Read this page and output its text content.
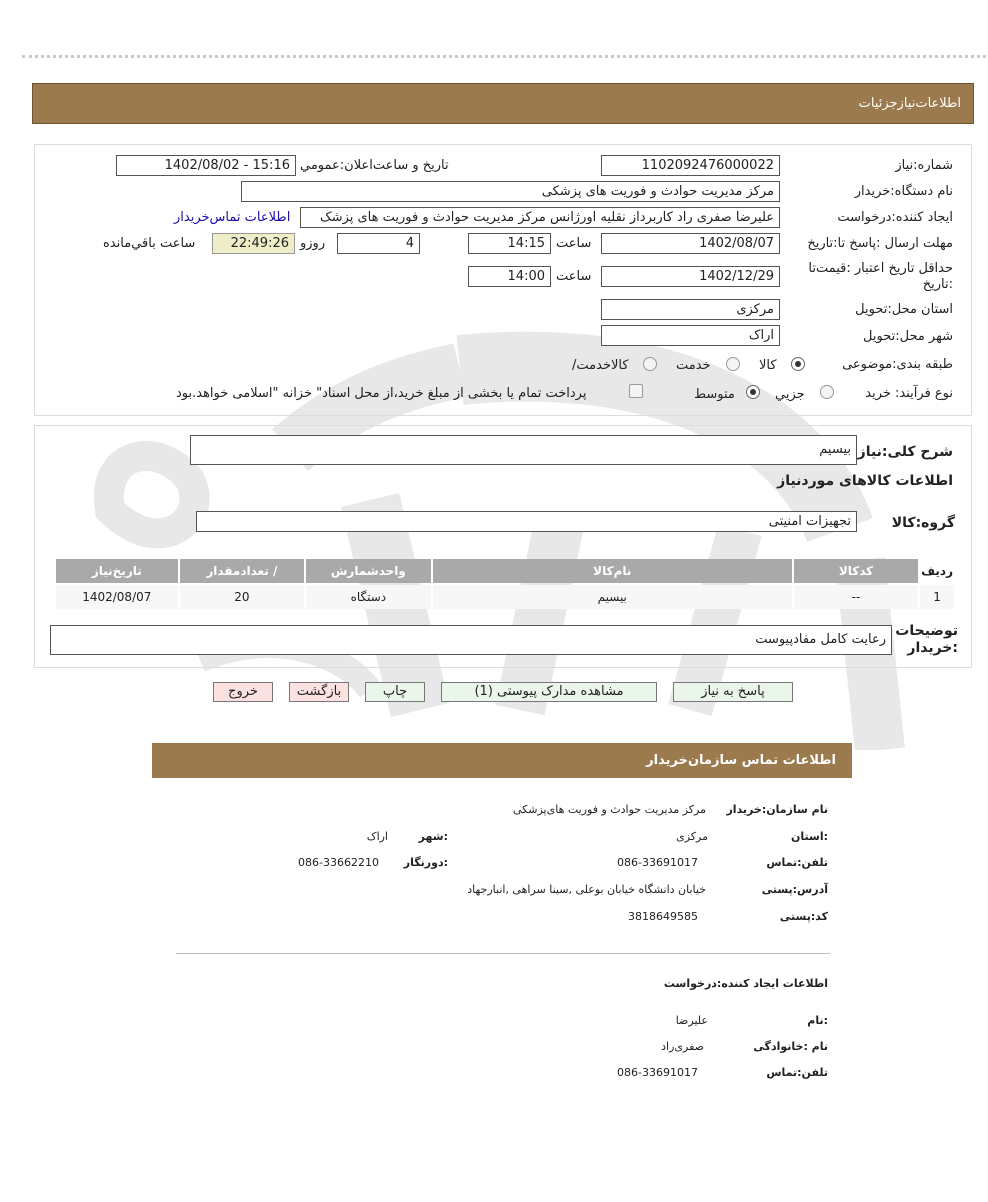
جزئیات اطلاعات‌نیاز
شماره:نیاز
1102092476000022
تاریخ و ساعت‌اعلان:عمومي
1402/08/02 - 15:16
نام دستگاه:خریدار
مرکز مدیریت حوادث و فوریت های پزشکی
ایجاد کننده:درخواست
علیرضا صفری راد کاربرداز نقلیه اورژانس مرکز مدیریت حوادث و فوریت های پزشک
اطلاعات تماس‌خریدار
مهلت ارسال :پاسخ تا:تاریخ
1402/08/07
ساعت
14:15
4
روزو
22:49:26
ساعت باقي‌مانده
حداقل تاریخ اعتبار :قیمت‌تا :تاریخ
1402/12/29
ساعت
14:00
استان محل:تحویل
مرکزی
شهر محل:تحویل
اراک
طبقه بندی:موضوعی
کالا
خدمت
/کالاخدمت
نوع فرآیند: خرید
جزيي
متوسط
پرداخت تمام یا بخشی از مبلغ خرید،از محل اسناد" خزانه "اسلامی خواهد.بود
شرح کلی:نیاز
بیسیم
اطلاعات کالاهای موردنیاز
گروه:کالا
تجهیزات امنیتی
ردیف	کدکالا	نام‌کالا	واحدشمارش	/ تعدادمقدار	تاریخ‌نیاز
1	--	بیسیم	دستگاه	20	1402/08/07
توضیحات :خریدار
رعایت کامل مفادپیوست
پاسخ به نیاز
مشاهده مدارک پیوستی (1)
چاپ
بازگشت
خروج
اطلاعات تماس سازمان‌خریدار
نام سازمان:خریدار
مرکز مدیریت حوادث و فوریت های‌پزشکی
:استان
مرکزی
:شهر
اراک
تلفن:تماس
086-33691017
:دورنگار
086-33662210
آدرس:پستی
خیابان دانشگاه خیابان بوعلی ,سینا سراهی ,انبارجهاد
کد:پستی
3818649585
اطلاعات ایجاد کننده:درخواست
:نام
علیرضا
نام :خانوادگی
صفری‌راد
تلفن:تماس
086-33691017
